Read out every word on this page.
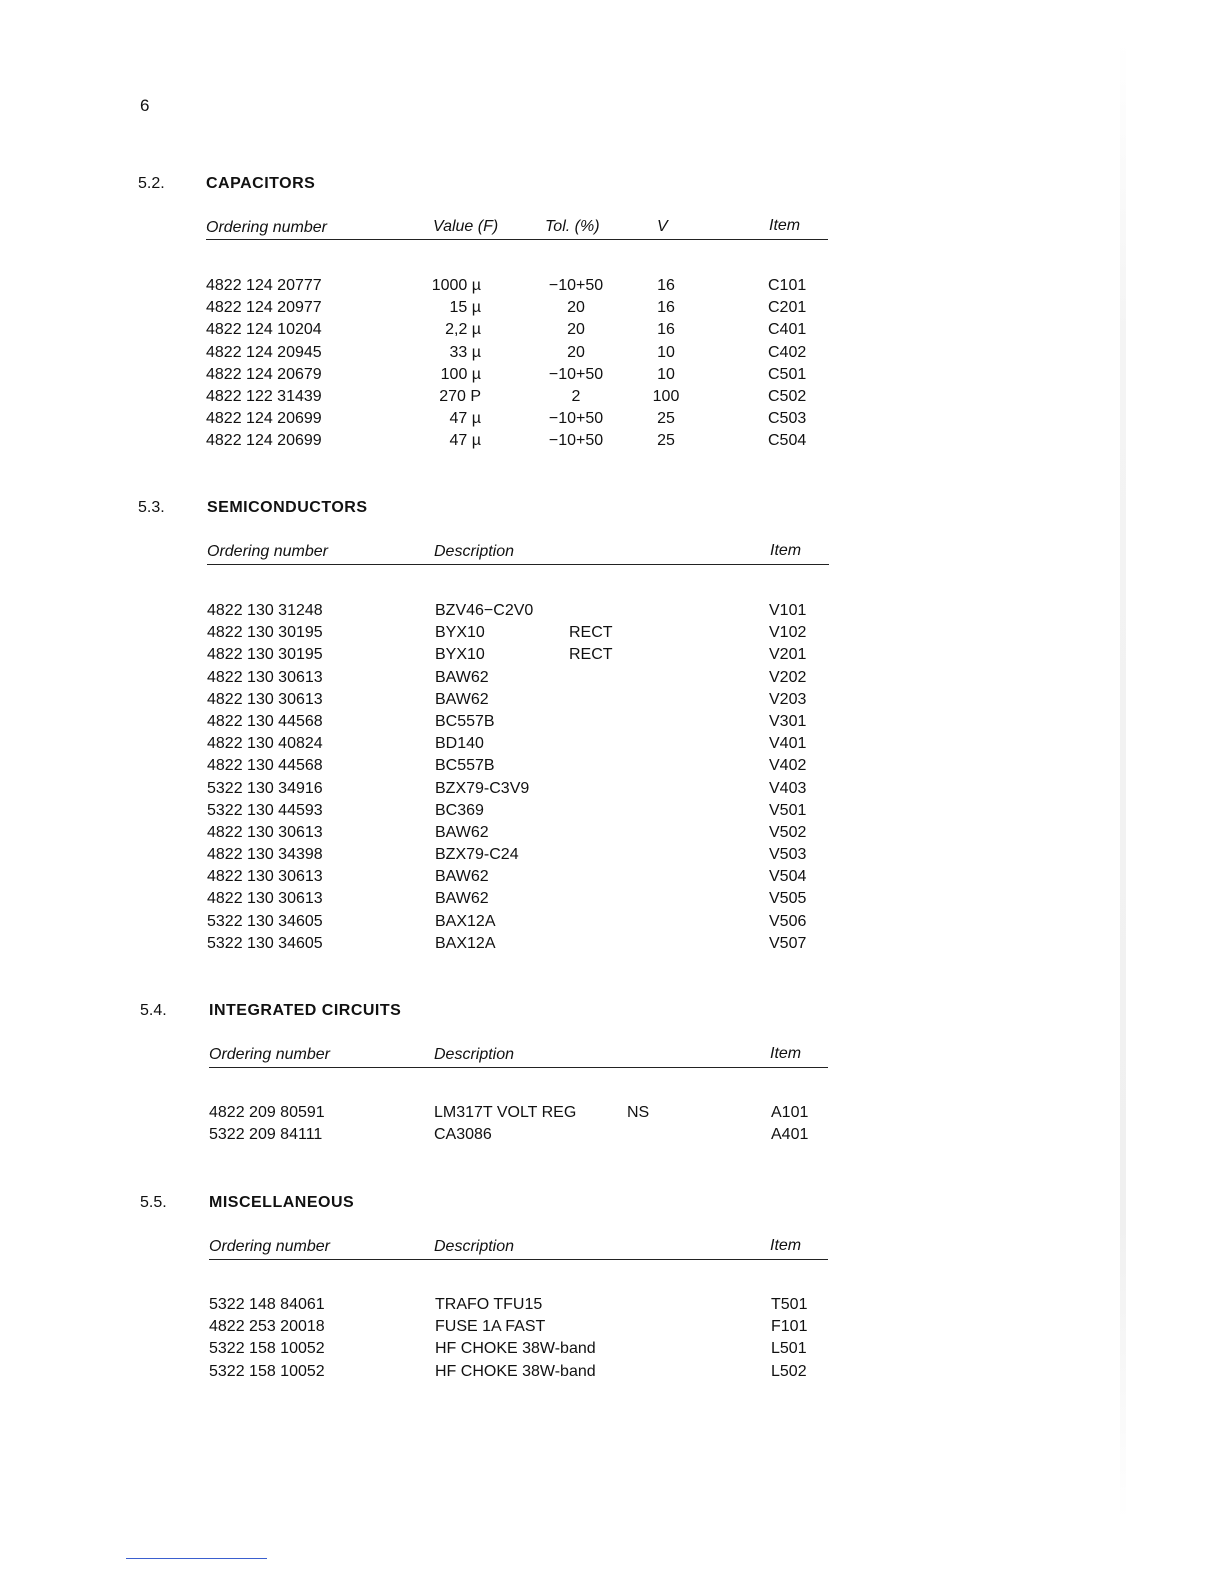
6
5.2.	CAPACITORS
Ordering number	Value (F)	Tol. (%)	V	Item
4822 124 20777	1000 µ	−10+50	16	C101
4822 124 20977	15 µ	20	16	C201
4822 124 10204	2,2 µ	20	16	C401
4822 124 20945	33 µ	20	10	C402
4822 124 20679	100 µ	−10+50	10	C501
4822 122 31439	270 P	2	100	C502
4822 124 20699	47 µ	−10+50	25	C503
4822 124 20699	47 µ	−10+50	25	C504
5.3.	SEMICONDUCTORS
Ordering number	Description	Item
4822 130 31248	BZV46−C2V0	V101
4822 130 30195	BYX10	RECT	V102
4822 130 30195	BYX10	RECT	V201
4822 130 30613	BAW62	V202
4822 130 30613	BAW62	V203
4822 130 44568	BC557B	V301
4822 130 40824	BD140	V401
4822 130 44568	BC557B	V402
5322 130 34916	BZX79-C3V9	V403
5322 130 44593	BC369	V501
4822 130 30613	BAW62	V502
4822 130 34398	BZX79-C24	V503
4822 130 30613	BAW62	V504
4822 130 30613	BAW62	V505
5322 130 34605	BAX12A	V506
5322 130 34605	BAX12A	V507
5.4.	INTEGRATED CIRCUITS
Ordering number	Description	Item
4822 209 80591	LM317T VOLT REG	NS	A101
5322 209 84111	CA3086	A401
5.5.	MISCELLANEOUS
Ordering number	Description	Item
5322 148 84061	TRAFO TFU15	T501
4822 253 20018	FUSE 1A FAST	F101
5322 158 10052	HF CHOKE 38W-band	L501
5322 158 10052	HF CHOKE 38W-band	L502
